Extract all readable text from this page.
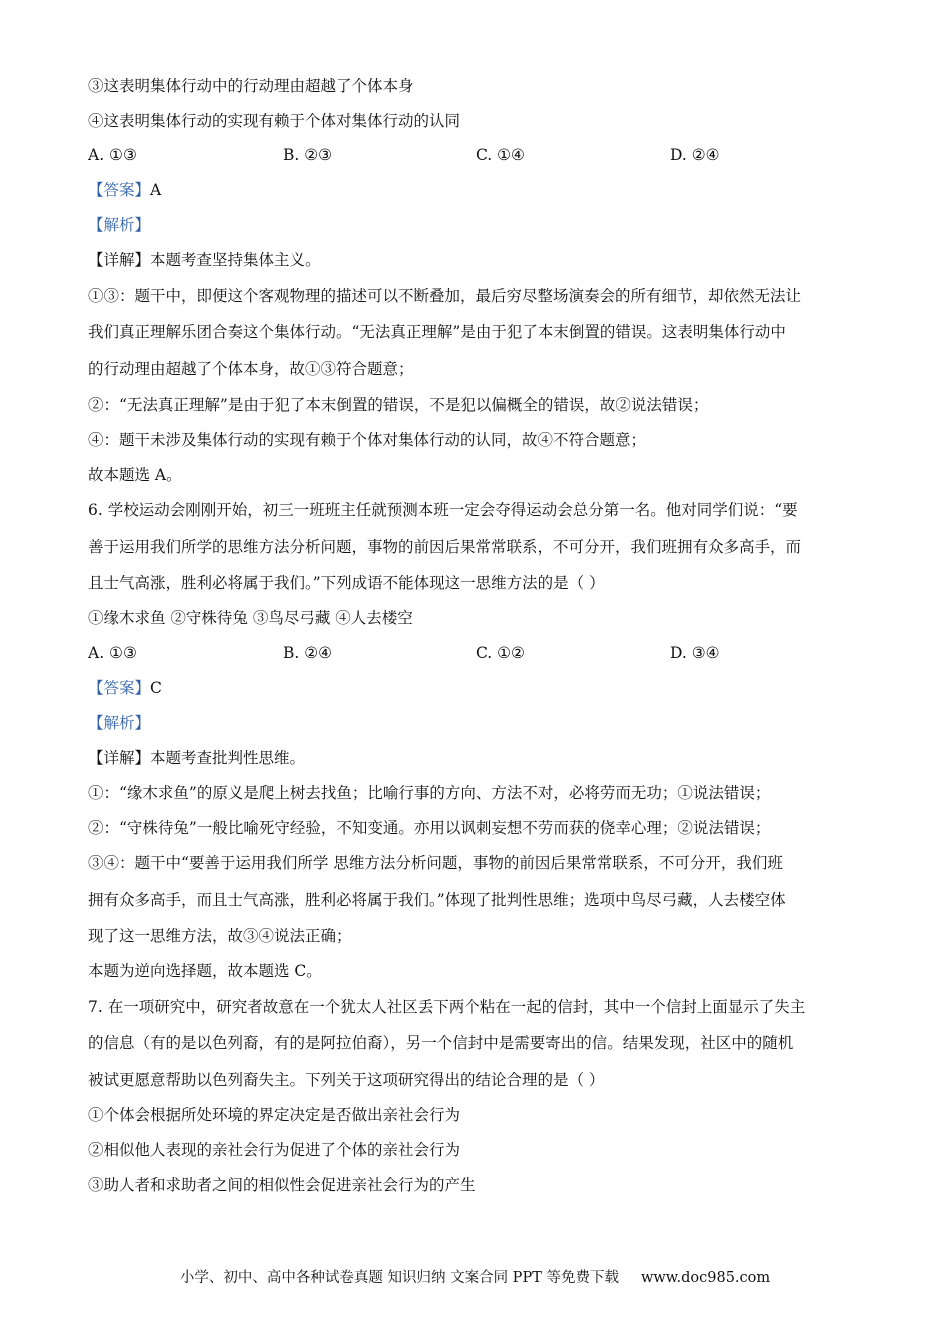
③这表明集体行动中的行动理由超越了个体本身
④这表明集体行动的实现有赖于个体对集体行动的认同
A. ①③	B. ②③	C. ①④	D. ②④
【答案】A
【解析】
【详解】本题考查坚持集体主义。
①③：题干中，即便这个客观物理的描述可以不断叠加，最后穷尽整场演奏会的所有细节，却依然无法让
我们真正理解乐团合奏这个集体行动。“无法真正理解”是由于犯了本末倒置的错误。这表明集体行动中
的行动理由超越了个体本身，故①③符合题意；
②：“无法真正理解”是由于犯了本末倒置的错误，不是犯以偏概全的错误，故②说法错误；
④：题干未涉及集体行动的实现有赖于个体对集体行动的认同，故④不符合题意；
故本题选 A。
6. 学校运动会刚刚开始，初三一班班主任就预测本班一定会夺得运动会总分第一名。他对同学们说：“要
善于运用我们所学的思维方法分析问题，事物的前因后果常常联系，不可分开，我们班拥有众多高手，而
且士气高涨，胜利必将属于我们。”下列成语不能体现这一思维方法的是（ ）
①缘木求鱼 ②守株待兔 ③鸟尽弓藏 ④人去楼空
A. ①③	B. ②④	C. ①②	D. ③④
【答案】C
【解析】
【详解】本题考查批判性思维。
①：“缘木求鱼”的原义是爬上树去找鱼；比喻行事的方向、方法不对，必将劳而无功；①说法错误；
②：“守株待兔”一般比喻死守经验，不知变通。亦用以讽刺妄想不劳而获的侥幸心理；②说法错误；
③④：题干中“要善于运用我们所学 思维方法分析问题，事物的前因后果常常联系，不可分开，我们班
拥有众多高手，而且士气高涨，胜利必将属于我们。”体现了批判性思维；选项中鸟尽弓藏，人去楼空体
现了这一思维方法，故③④说法正确；
本题为逆向选择题，故本题选 C。
7. 在一项研究中，研究者故意在一个犹太人社区丢下两个粘在一起的信封，其中一个信封上面显示了失主
的信息（有的是以色列裔，有的是阿拉伯裔），另一个信封中是需要寄出的信。结果发现，社区中的随机
被试更愿意帮助以色列裔失主。下列关于这项研究得出的结论合理的是（ ）
①个体会根据所处环境的界定决定是否做出亲社会行为
②相似他人表现的亲社会行为促进了个体的亲社会行为
③助人者和求助者之间的相似性会促进亲社会行为的产生
小学、初中、高中各种试卷真题 知识归纳 文案合同 PPT 等免费下载 www.doc985.com
